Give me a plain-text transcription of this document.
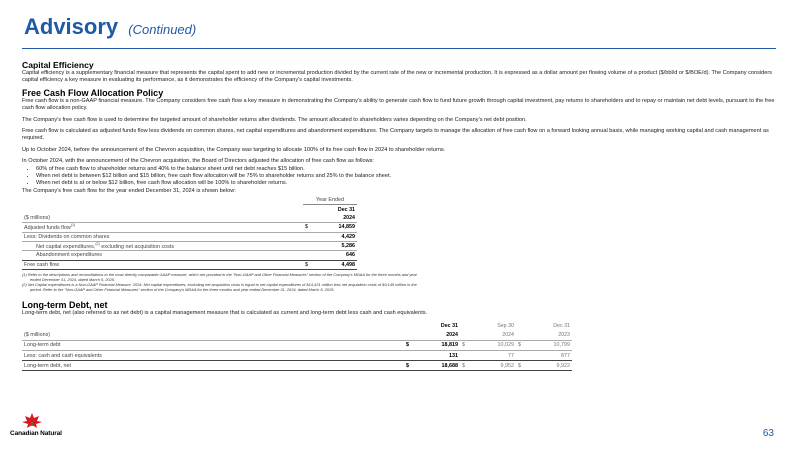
Advisory (Continued)
Capital Efficiency

Capital efficiency is a supplementary financial measure that represents the capital spent to add new or incremental production divided by the current rate of the new or incremental production. It is expressed as a dollar amount per flowing volume of a product ($/bbl/d or $/BOE/d). The Company considers capital efficiency a key measure in evaluating its performance, as it demonstrates the efficiency of the Company's capital investments.

Free Cash Flow Allocation Policy

Free cash flow is a non-GAAP financial measure. The Company considers free cash flow a key measure in demonstrating the Company’s ability to generate cash flow to fund future growth through capital investment, pay returns to shareholders and to repay or maintain net debt levels, pursuant to the free cash flow allocation policy.

The Company’s free cash flow is used to determine the targeted amount of shareholder returns after dividends. The amount allocated to shareholders varies depending on the Company’s net debt position.

Free cash flow is calculated as adjusted funds flow less dividends on common shares, net capital expenditures and abandonment expenditures. The Company targets to manage the allocation of free cash flow on a forward looking annual basis, while managing working capital and cash management as required.

Up to October 2024, before the announcement of the Chevron acquisition, the Company was targeting to allocate 100% of its free cash flow in 2024 to shareholder returns.

In October 2024, with the announcement of the Chevron acquisition, the Board of Directors adjusted the allocation of free cash flow as follows:

• 60% of free cash flow to shareholder returns and 40% to the balance sheet until net debt reaches $15 billion.
• When net debt is between $12 billion and $15 billion, free cash flow allocation will be 75% to shareholder returns and 25% to the balance sheet.
• When net debt is at or below $12 billion, free cash flow allocation will be 100% to shareholder returns.

The Company’s free cash flow for the year ended December 31, 2024 is shown below:

	Year Ended	
	Dec 31	
($ millions)	2024	
Adjusted funds flow$^{(1)}$	$	14,859
Less: Dividends on common shares		4,429
Net capital expenditures,$^{(2)}$ excluding net acquisition costs		5,286
Abandonment expenditures		646
Free cash flow	$	4,498

(1) Refer to the descriptions and reconciliations to the most directly comparable GAAP measure, which are provided in the "Non-GAAP and Other Financial Measures" section of the Company's MD&A for the three months and year ended December 31, 2024, dated March 5, 2025.

(2) Net Capital expenditures is a Non-GAAP Financial Measure. 2024: Net capital expenditures, excluding net acquisition costs is equal to net capital expenditures of $14,431 million less net acquisition costs of $9,145 million in the period. Refer to the "Non-GAAP and Other Financial Measures" section of the Company's MD&A for the three months and year ended December 31, 2024, dated March 5, 2025.

Long-term Debt, net

Long-term debt, net (also referred to as net debt) is a capital management measure that is calculated as current and long-term debt less cash and cash equivalents.

	Dec 31		Sep 30		Dec 31	
($ millions)	2024		2024		2023	
Long-term debt	$	18,819	$	10,029	$	10,799
Less: cash and cash equivalents		131		77		877
Long-term debt, net	$	18,688	$	9,952	$	9,922
Canadian Natural	63
